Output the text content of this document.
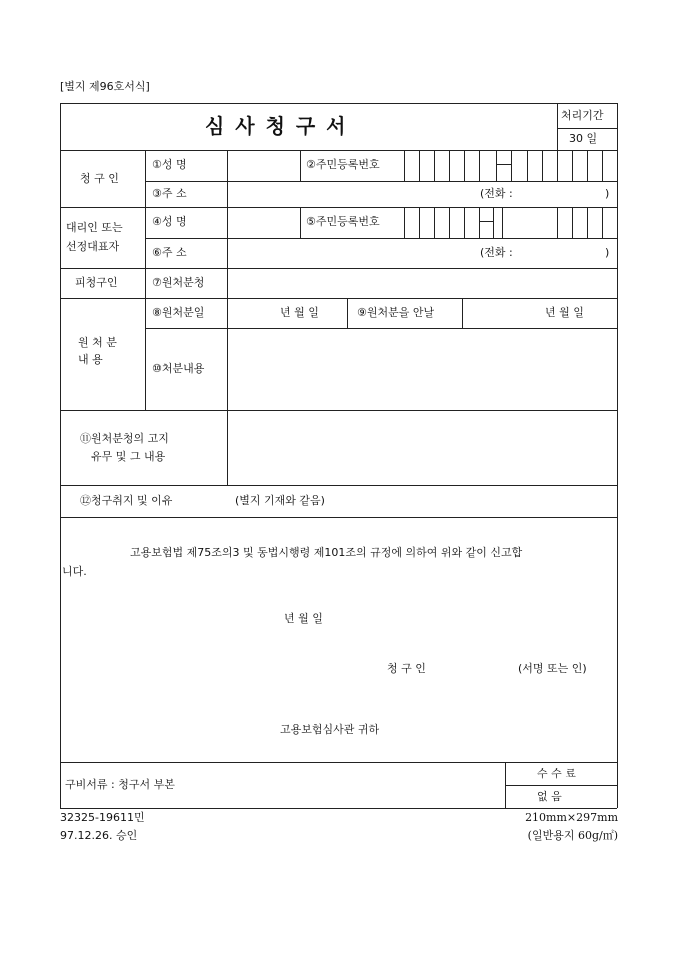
[별지 제96호서식]
심 사 청 구 서	처리기간
30 일
청 구 인
①성 명	②주민등록번호
③주 소	(전화 :	)
대리인 또는
선정대표자
④성 명	⑤주민등록번호
⑥주 소	(전화 :	)
피청구인	⑦원처분청
원 처 분
내 용
⑧원처분일	년 월 일	⑨원처분을 안날	년 월 일
⑩처분내용
⑪원처분청의 고지
유무 및 그 내용
⑫청구취지 및 이유	(별지 기재와 같음)
고용보험법 제75조의3 및 동법시행령 제101조의 규정에 의하여 위와 같이 신고합
니다.
년 월 일
청 구 인	(서명 또는 인)
고용보험심사관 귀하
구비서류 : 청구서 부본
수 수 료
없 음
32325-19611민
97.12.26. 승인
210mm×297mm
(일반용지 60g/㎡)
